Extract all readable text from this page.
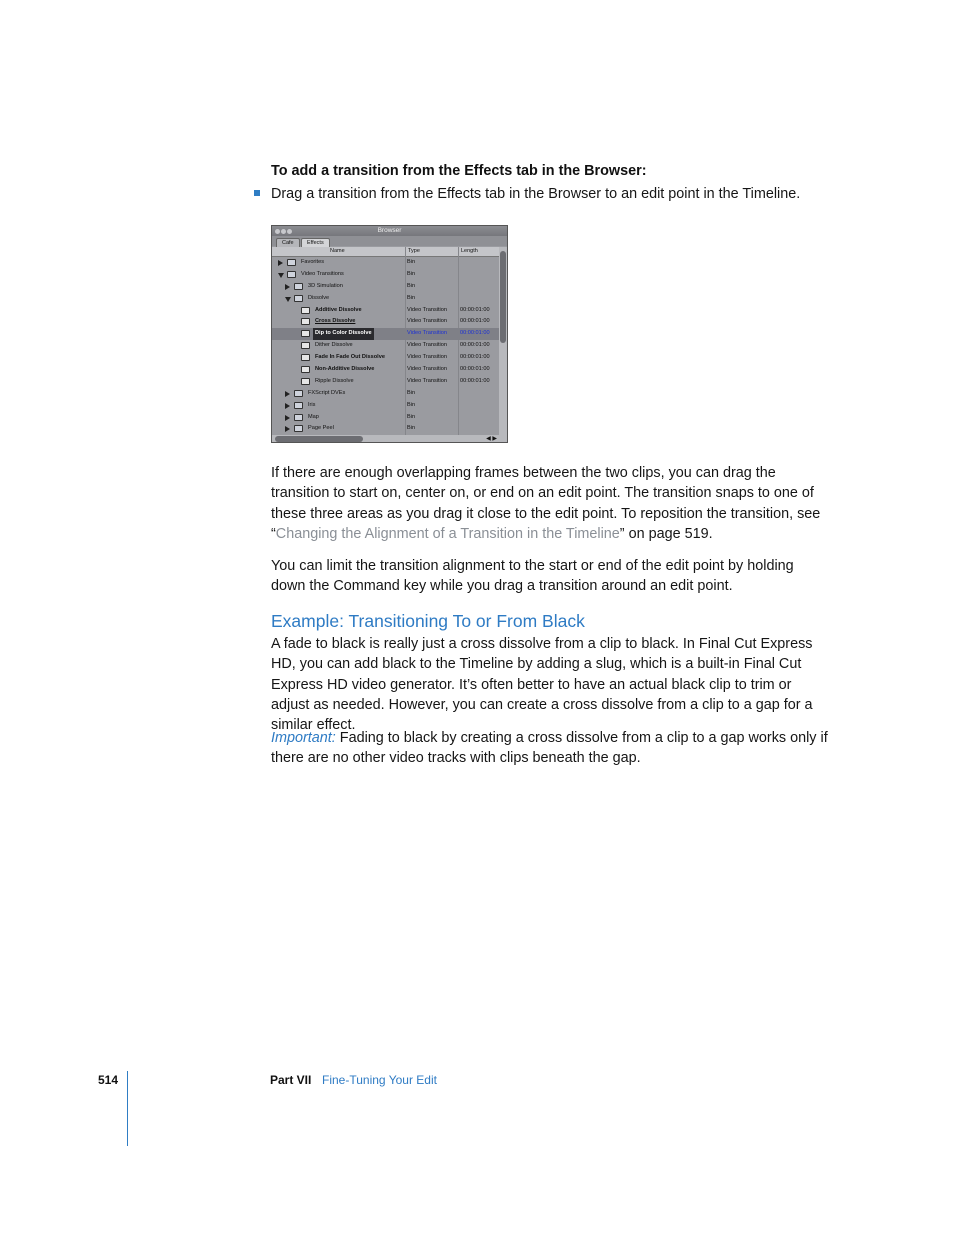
To add a transition from the Effects tab in the Browser:
Drag a transition from the Effects tab in the Browser to an edit point in the Timeline.
Browser
Cafe	Effects
Name	Type	Length
Favorites	Bin
Video Transitions	Bin
3D Simulation	Bin
Dissolve	Bin
Additive Dissolve	Video Transition 00:00:01:00
Cross Dissolve	Video Transition 00:00:01:00
Dip to Color Dissolve	Video Transition 00:00:01:00
Dither Dissolve	Video Transition 00:00:01:00
Fade In Fade Out Dissolve	Video Transition 00:00:01:00
Non-Additive Dissolve	Video Transition 00:00:01:00
Ripple Dissolve	Video Transition 00:00:01:00
FXScript DVEs	Bin
Iris	Bin
Map	Bin
Page Peel	Bin
◀ ▶

If there are enough overlapping frames between the two clips, you can drag the transition to start on, center on, or end on an edit point. The transition snaps to one of these three areas as you drag it close to the edit point. To reposition the transition, see “Changing the Alignment of a Transition in the Timeline” on page 519.

You can limit the transition alignment to the start or end of the edit point by holding down the Command key while you drag a transition around an edit point.

Example: Transitioning To or From Black

A fade to black is really just a cross dissolve from a clip to black. In Final Cut Express HD, you can add black to the Timeline by adding a slug, which is a built-in Final Cut Express HD video generator. It’s often better to have an actual black clip to trim or adjust as needed. However, you can create a cross dissolve from a clip to a gap for a similar effect.

Important: Fading to black by creating a cross dissolve from a clip to a gap works only if there are no other video tracks with clips beneath the gap.

514	Part VII Fine-Tuning Your Edit
